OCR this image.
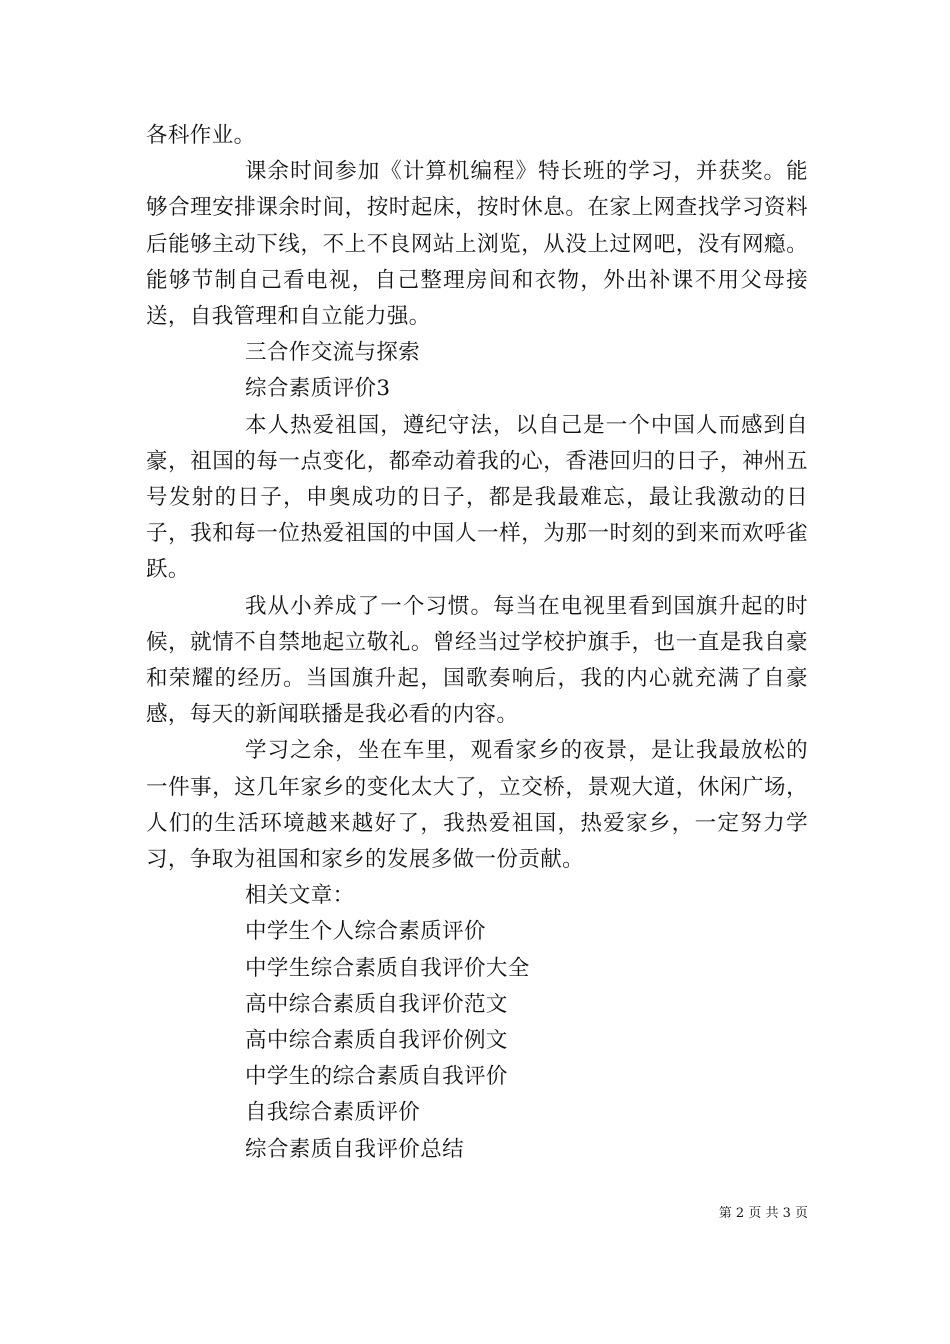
各科作业。

课余时间参加《计算机编程》特长班的学习，并获奖。能够合理安排课余时间，按时起床，按时休息。在家上网查找学习资料后能够主动下线，不上不良网站上浏览，从没上过网吧，没有网瘾。能够节制自己看电视，自己整理房间和衣物，外出补课不用父母接送，自我管理和自立能力强。

三合作交流与探索

综合素质评价3

本人热爱祖国，遵纪守法，以自己是一个中国人而感到自豪，祖国的每一点变化，都牵动着我的心，香港回归的日子，神州五号发射的日子，申奥成功的日子，都是我最难忘，最让我激动的日子，我和每一位热爱祖国的中国人一样，为那一时刻的到来而欢呼雀跃。

我从小养成了一个习惯。每当在电视里看到国旗升起的时候，就情不自禁地起立敬礼。曾经当过学校护旗手，也一直是我自豪和荣耀的经历。当国旗升起，国歌奏响后，我的内心就充满了自豪感，每天的新闻联播是我必看的内容。

学习之余，坐在车里，观看家乡的夜景，是让我最放松的一件事，这几年家乡的变化太大了，立交桥，景观大道，休闲广场，人们的生活环境越来越好了，我热爱祖国，热爱家乡，一定努力学习，争取为祖国和家乡的发展多做一份贡献。

相关文章：

中学生个人综合素质评价
中学生综合素质自我评价大全
高中综合素质自我评价范文
高中综合素质自我评价例文
中学生的综合素质自我评价
自我综合素质评价
综合素质自我评价总结
第 2 页 共 3 页
